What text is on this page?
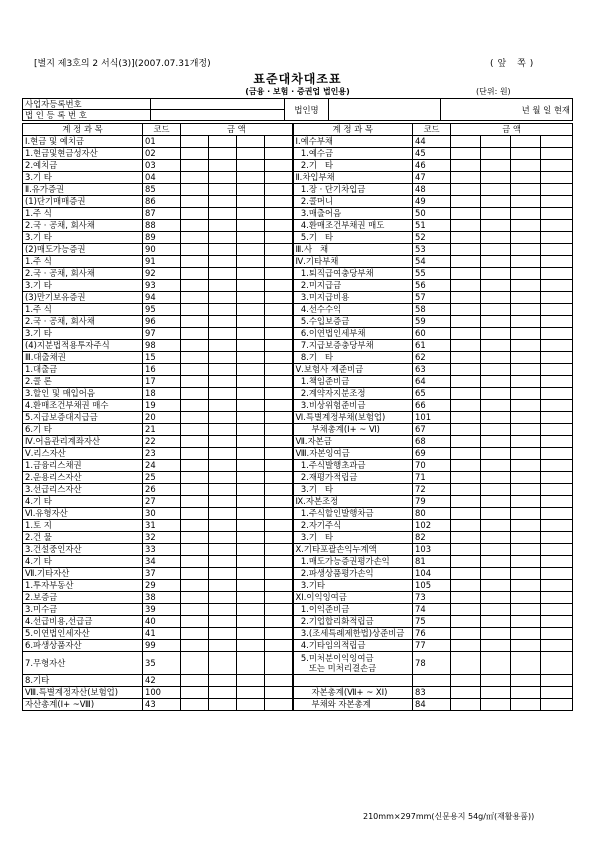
[별지 제3호의 2 서식(3)](2007.07.31개정)	(앞 쪽)
표준대차대조표
(금융 · 보험 · 증권업 법인용)	(단위: 원)
사업자등록번호		법인명		년 월 일 현재
법 인 등 록 번 호				
계 정 과 목	코드	금 액				계 정 과 목	코드	금 액			
Ⅰ.현금 및 예치금	01					Ⅰ.예수부채	44				
1.현금및현금성자산	02					1.예수금	45				
2.예치금	03					2.기   타	46				
3.기 타	04					Ⅱ.차입부채	47				
Ⅱ.유가증권	85					1.장 · 단기차입금	48				
(1)단기매매증권	86					2.콜머니	49				
1.주 식	87					3.매출어음	50				
2.국 · 공채, 회사채	88					4.환매조건부채권 매도	51				
3.기 타	89					5.기   타	52				
(2)매도가능증권	90					Ⅲ.사   채	53				
1.주 식	91					Ⅳ.기타부채	54				
2.국 · 공채, 회사채	92					1.퇴직급여충당부채	55				
3.기 타	93					2.미지급금	56				
(3)만기보유증권	94					3.미지급비용	57				
1.주 식	95					4.선수수익	58				
2.국 · 공채, 회사채	96					5.수입보증금	59				
3.기 타	97					6.이연법인세부채	60				
(4)지분법적용투자주식	98					7.지급보증충당부채	61				
Ⅲ.대출채권	15					8.기   타	62				
1.대출금	16					Ⅴ.보험사 제준비금	63				
2.콜 론	17					1.책임준비금	64				
3.할인 및 매입어음	18					2.계약자지분조정	65				
4.환매조건부채권 매수	19					3.비상위험준비금	66				
5.지급보증대지급금	20					Ⅵ.특별계정부채(보험업)	101				
6.기 타	21					부채총계(Ⅰ+ ~ Ⅵ)	67				
Ⅳ.어음관리계좌자산	22					Ⅶ.자본금	68				
Ⅴ.리스자산	23					Ⅷ.자본잉여금	69				
1.금융리스채권	24					1.주식발행초과금	70				
2.운용리스자산	25					2.재평가적립금	71				
3.선급리스자산	26					3.기   타	72				
4.기 타	27					Ⅸ.자본조정	79				
Ⅵ.유형자산	30					1.주식할인발행차금	80				
1.토 지	31					2.자기주식	102				
2.건 물	32					3.기   타	82				
3.건설중인자산	33					Ⅹ.기타포괄손익누계액	103				
4.기 타	34					1.매도가능증권평가손익	81				
Ⅶ.기타자산	37					2.파생상품평가손익	104				
1.투자부동산	29					3.기타	105				
2.보증금	38					ⅩⅠ.이익잉여금	73				
3.미수금	39					1.이익준비금	74				
4.선급비용,선급금	40					2.기업합리화적립금	75				
5.이연법인세자산	41					3.(조세특례제한법)상준비금	76				
6.파생상품자산	99					4.기타임의적립금	77				
7.무형자산	35					5.미처분이익잉여금
또는 미처리결손금	78				
8.기타	42										
Ⅷ.특별계정자산(보험업)	100					자본총계(Ⅶ+ ~ ⅩⅠ)	83				
자산총계(Ⅰ+ ~Ⅷ)	43					부채와 자본총계	84				
210mm×297mm(신문용지 54g/㎡(재활용품))
